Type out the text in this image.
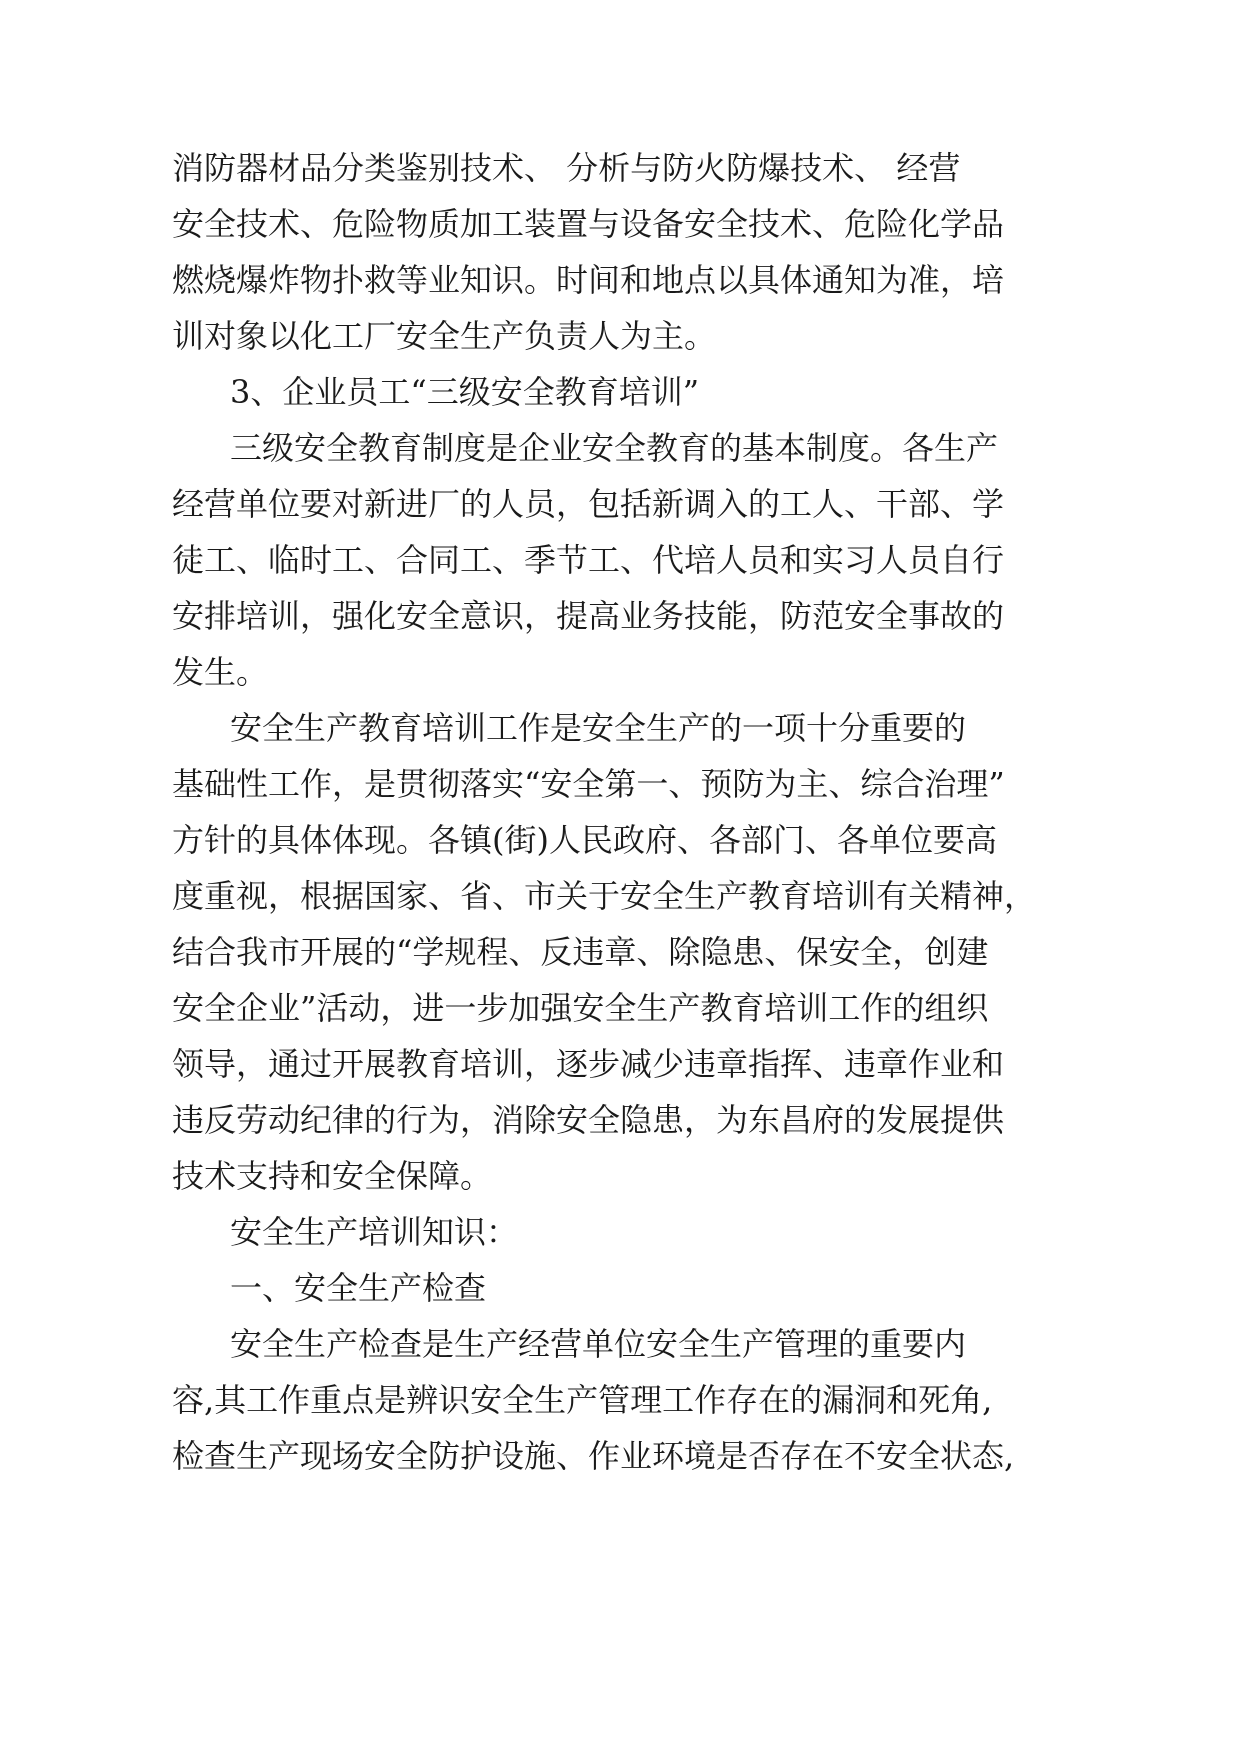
消防器材品分类鉴别技术、 分析与防火防爆技术、 经营
安全技术、危险物质加工装置与设备安全技术、危险化学品
燃烧爆炸物扑救等业知识。时间和地点以具体通知为准，培
训对象以化工厂安全生产负责人为主。
3、企业员工“三级安全教育培训”
三级安全教育制度是企业安全教育的基本制度。各生产
经营单位要对新进厂的人员，包括新调入的工人、干部、学
徒工、临时工、合同工、季节工、代培人员和实习人员自行
安排培训，强化安全意识，提高业务技能，防范安全事故的
发生。
安全生产教育培训工作是安全生产的一项十分重要的
基础性工作，是贯彻落实“安全第一、预防为主、综合治理”
方针的具体体现。各镇(街)人民政府、各部门、各单位要高
度重视，根据国家、省、市关于安全生产教育培训有关精神，
结合我市开展的“学规程、反违章、除隐患、保安全，创建
安全企业”活动，进一步加强安全生产教育培训工作的组织
领导，通过开展教育培训，逐步减少违章指挥、违章作业和
违反劳动纪律的行为，消除安全隐患，为东昌府的发展提供
技术支持和安全保障。
安全生产培训知识：
一、安全生产检查
安全生产检查是生产经营单位安全生产管理的重要内
容,其工作重点是辨识安全生产管理工作存在的漏洞和死角,
检查生产现场安全防护设施、作业环境是否存在不安全状态,
